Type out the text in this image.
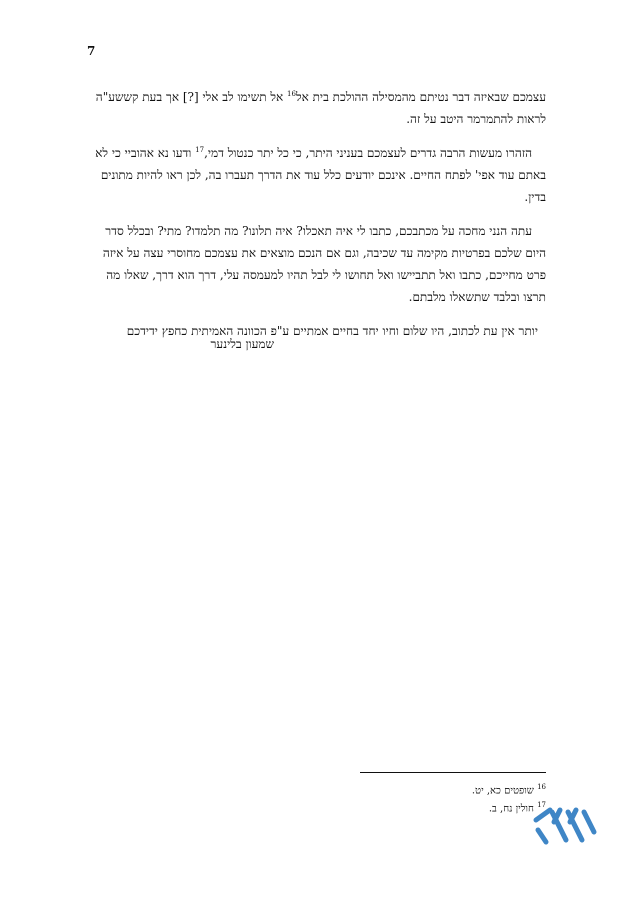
7

עצמכם שבאיזה דבר נטיתם מהמסילה ההולכת בית אל$^{16}$ אל תשימו לב אלי [?] אך בעת קששע"ה לראות להתמרמר היטב על זה.

הזהרו מעשות הרבה גדרים לעצמכם בעניני היתר, כי כל יתר כנטול דמי,$^{17}$ ודעו נא אהוביי כי לא באתם עוד אפי' לפתח החיים. אינכם יודעים כלל עוד את הדרך תעברו בה, לכן ראו להיות מתונים בדין.

עתה הנני מחכה על מכתבכם, כתבו לי איה תאכלו? איה תלונו? מה תלמדו? מתי? ובכלל סדר היום שלכם בפרטיות מקימה עד שכיבה, וגם אם הנכם מוצאים את עצמכם מחוסרי עצה על איזה פרט מחייכם, כתבו ואל תתביישו ואל תחושו לי לבל תהיו למעמסה עלי, דרך הוא דרך, שאלו מה תרצו ובלבד שתשאלו מלבתם.

יותר אין עת לכתוב, היו שלום וחיו יחד בחיים אמתיים ע"פ הכוונה האמיתית כחפץ ידידכם

שמעון בלינער
$^{16}$ שופטים כא, יט.
$^{17}$ חולין נח, ב.
